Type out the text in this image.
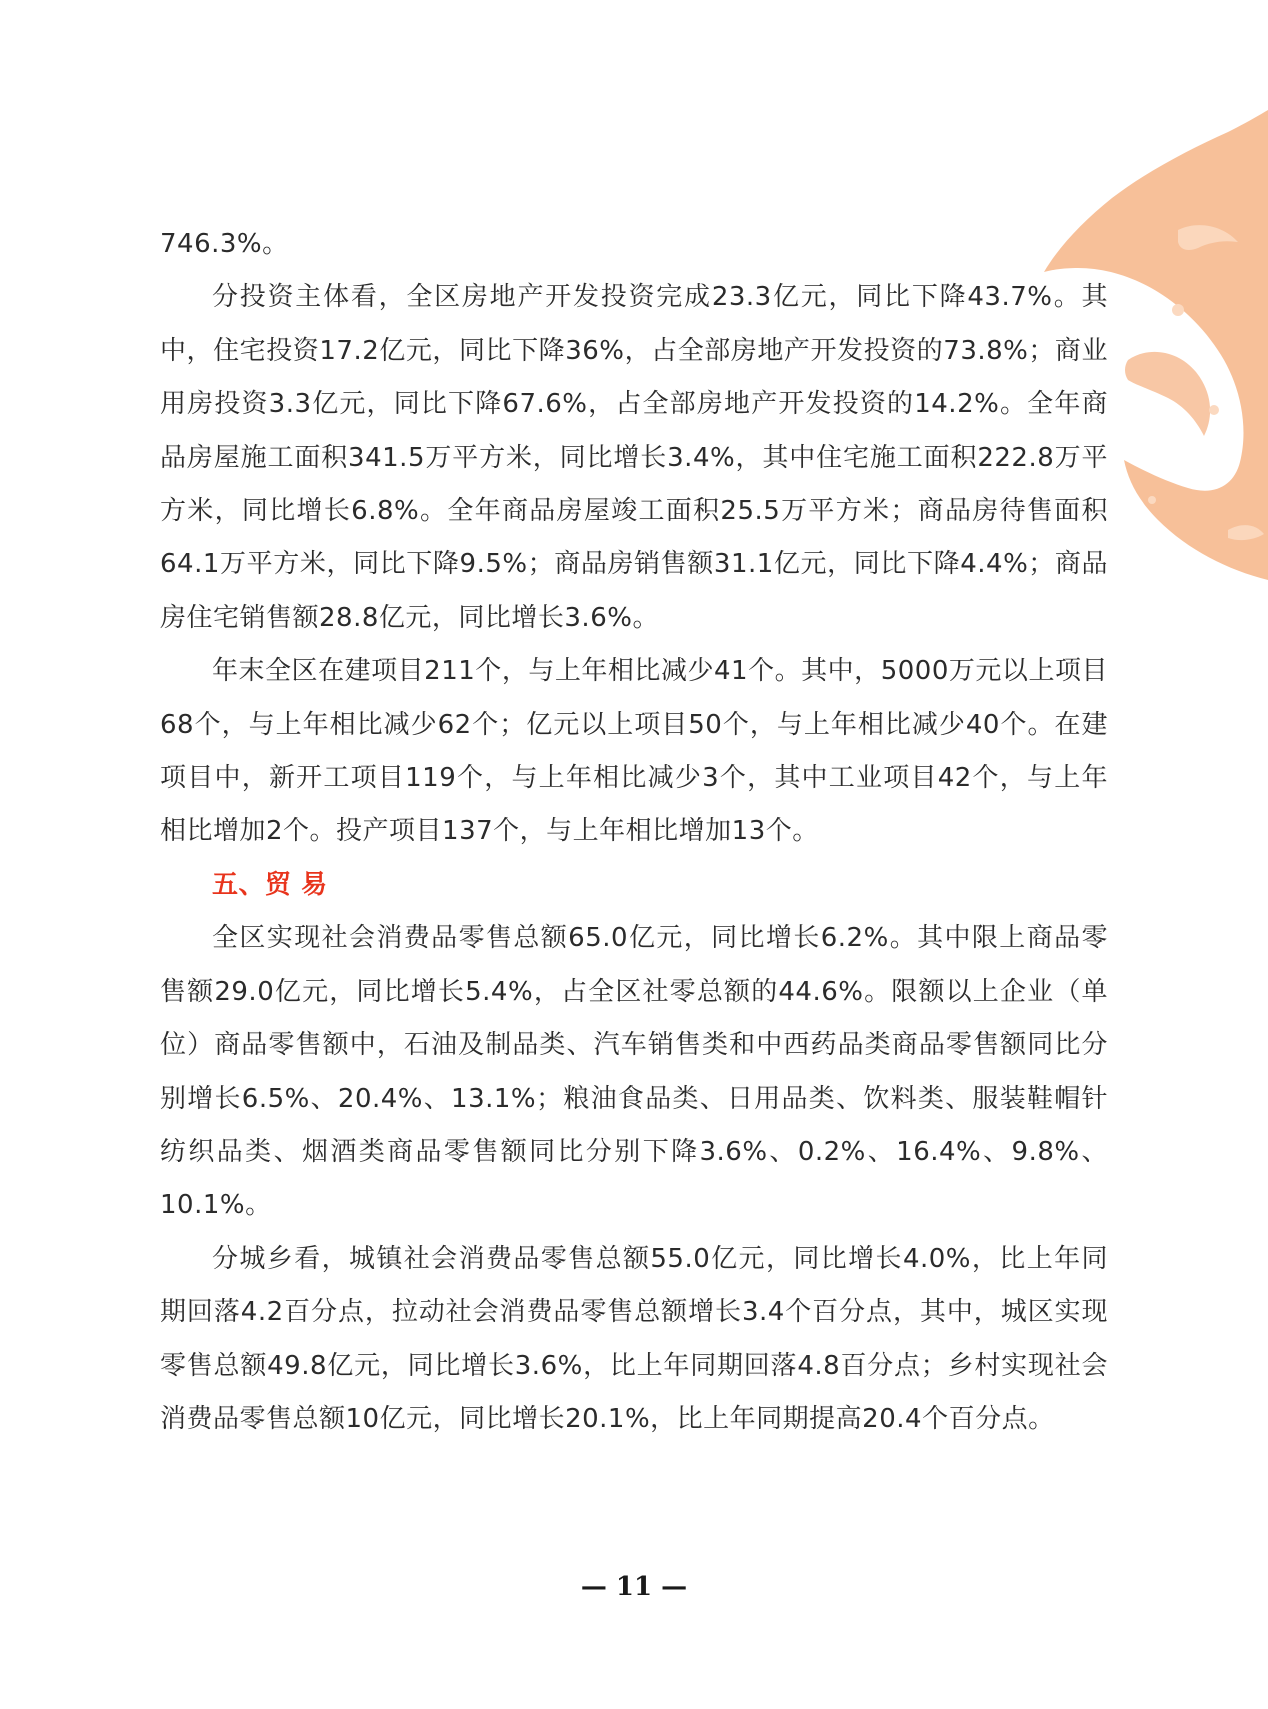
746.3%。

分投资主体看，全区房地产开发投资完成23.3亿元，同比下降43.7%。其中，住宅投资17.2亿元，同比下降36%，占全部房地产开发投资的73.8%；商业用房投资3.3亿元，同比下降67.6%，占全部房地产开发投资的14.2%。全年商品房屋施工面积341.5万平方米，同比增长3.4%，其中住宅施工面积222.8万平方米，同比增长6.8%。全年商品房屋竣工面积25.5万平方米；商品房待售面积64.1万平方米，同比下降9.5%；商品房销售额31.1亿元，同比下降4.4%；商品房住宅销售额28.8亿元，同比增长3.6%。

年末全区在建项目211个，与上年相比减少41个。其中，5000万元以上项目68个，与上年相比减少62个；亿元以上项目50个，与上年相比减少40个。在建项目中，新开工项目119个，与上年相比减少3个，其中工业项目42个，与上年相比增加2个。投产项目137个，与上年相比增加13个。

五、贸 易

全区实现社会消费品零售总额65.0亿元，同比增长6.2%。其中限上商品零售额29.0亿元，同比增长5.4%，占全区社零总额的44.6%。限额以上企业（单位）商品零售额中，石油及制品类、汽车销售类和中西药品类商品零售额同比分别增长6.5%、20.4%、13.1%；粮油食品类、日用品类、饮料类、服装鞋帽针纺织品类、烟酒类商品零售额同比分别下降3.6%、0.2%、16.4%、9.8%、10.1%。

分城乡看，城镇社会消费品零售总额55.0亿元，同比增长4.0%，比上年同期回落4.2百分点，拉动社会消费品零售总额增长3.4个百分点，其中，城区实现零售总额49.8亿元，同比增长3.6%，比上年同期回落4.8百分点；乡村实现社会消费品零售总额10亿元，同比增长20.1%，比上年同期提高20.4个百分点。

— 11 —
